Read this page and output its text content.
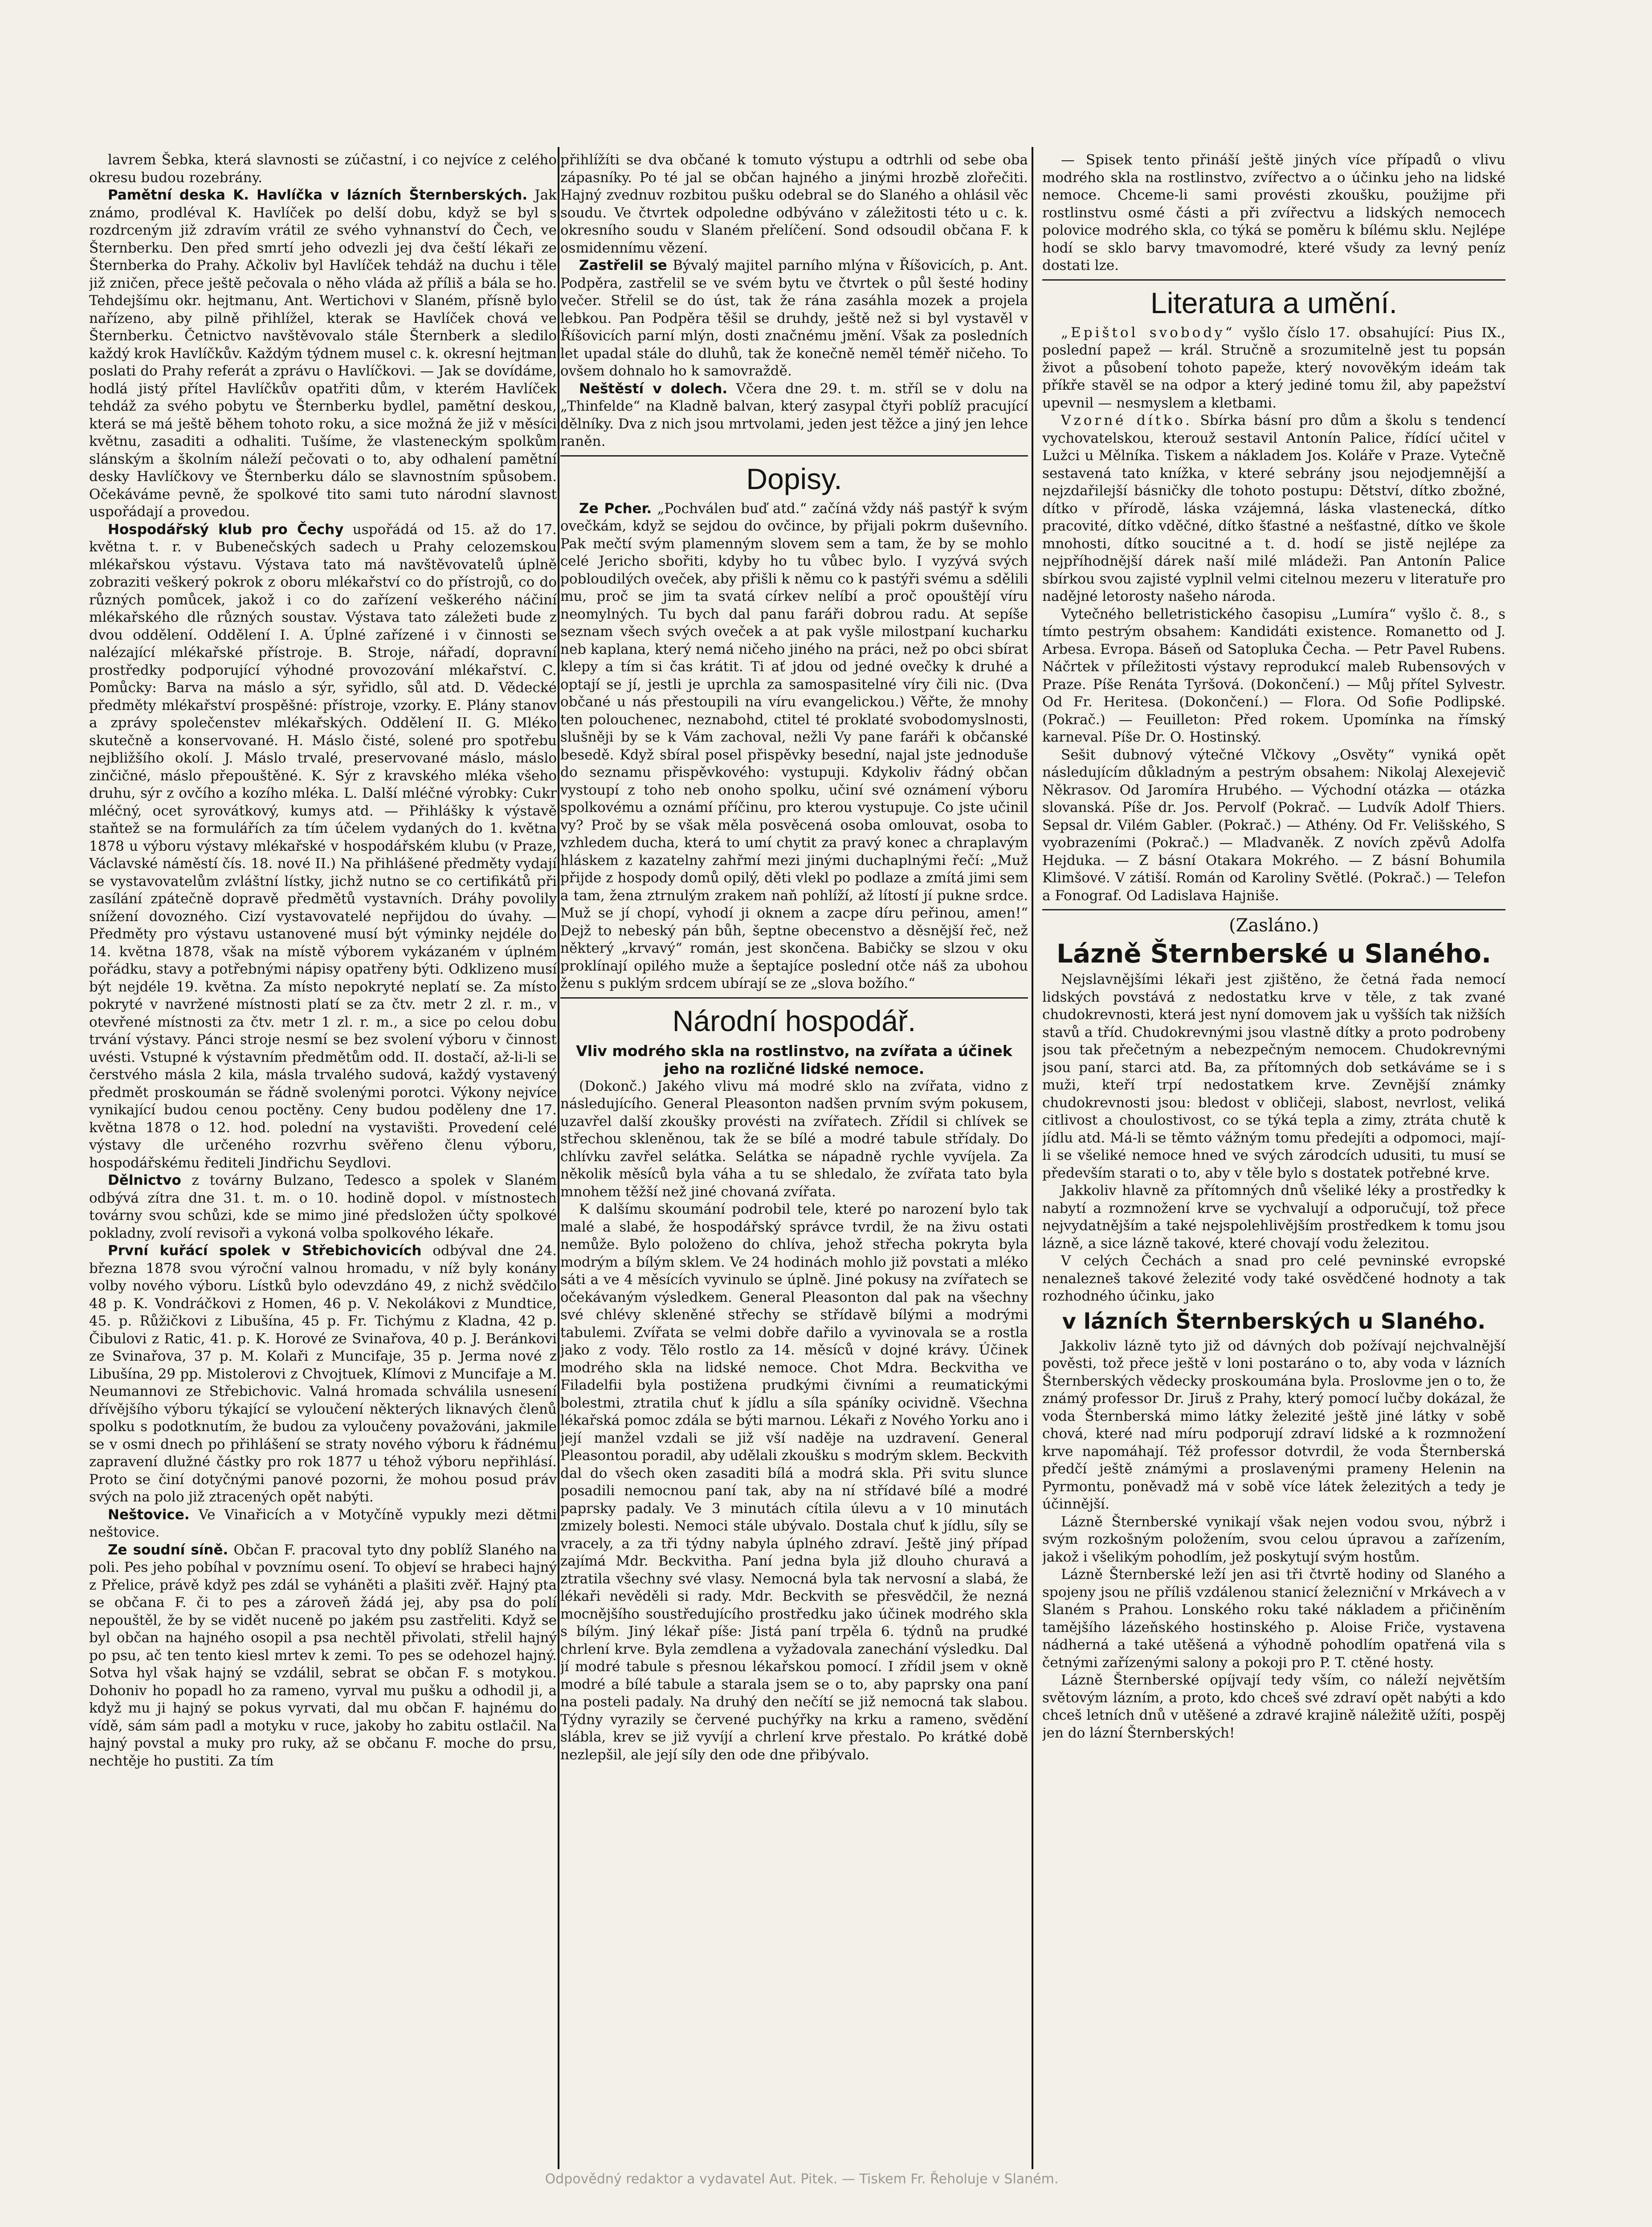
lavrem Šebka, která slavnosti se zúčastní, i co nejvíce z celého okresu budou rozebrány.

Pamětní deska K. Havlíčka v lázních Šternberských. Jak známo, prodléval K. Havlíček po delší dobu, když se byl s rozdrceným již zdravím vrátil ze svého vyhnanství do Čech, ve Šternberku. Den před smrtí jeho odvezli jej dva čeští lékaři ze Šternberka do Prahy. Ačkoliv byl Havlíček tehdáž na duchu i těle již zničen, přece ještě pečovala o něho vláda až příliš a bála se ho. Tehdejšímu okr. hejtmanu, Ant. Wertichovi v Slaném, přísně bylo nařízeno, aby pilně přihlížel, kterak se Havlíček chová ve Šternberku. Četnictvo navštěvovalo stále Šternberk a sledilo každý krok Havlíčkův. Každým týdnem musel c. k. okresní hejtman poslati do Prahy referát a zprávu o Havlíčkovi. — Jak se dovídáme, hodlá jistý přítel Havlíčkův opatřiti dům, v kterém Havlíček tehdáž za svého pobytu ve Šternberku bydlel, pamětní deskou, která se má ještě během tohoto roku, a sice možná že již v měsíci květnu, zasaditi a odhaliti. Tušíme, že vlasteneckým spolkům slánským a školním náleží pečovati o to, aby odhalení pamětní desky Havlíčkovy ve Šternberku dálo se slavnostním spůsobem. Očekáváme pevně, že spolkové tito sami tuto národní slavnost uspořádají a provedou.

Hospodářský klub pro Čechy uspořádá od 15. až do 17. května t. r. v Bubenečských sadech u Prahy celozemskou mlékařskou výstavu. Výstava tato má navštěvovatelů úplně zobraziti veškerý pokrok z oboru mlékařství co do přístrojů, co do různých pomůcek, jakož i co do zařízení veškerého náčiní mlékařského dle různých soustav. Výstava tato záležeti bude z dvou oddělení. Oddělení I. A. Úplné zařízené i v činnosti se nalézající mlékařské přístroje. B. Stroje, nářadí, dopravní prostředky podporující výhodné provozování mlékařství. C. Pomůcky: Barva na máslo a sýr, syřidlo, sůl atd. D. Vědecké předměty mlékařství prospěšné: přístroje, vzorky. E. Plány stanov a zprávy společenstev mlékařských. Oddělení II. G. Mléko skutečně a konservované. H. Máslo čisté, solené pro spotřebu nejbližšího okolí. J. Máslo trvalé, preservované máslo, máslo zinčičné, máslo přepouštěné. K. Sýr z kravského mléka všeho druhu, sýr z ovčího a kozího mléka. L. Další mléčné výrobky: Cukr mléčný, ocet syrovátkový, kumys atd. — Přihlášky k výstavě staňtež se na formulářích za tím účelem vydaných do 1. května 1878 u výboru výstavy mlékařské v hospodářském klubu (v Praze, Václavské náměstí čís. 18. nové II.) Na přihlášené předměty vydají se vystavovatelům zvláštní lístky, jichž nutno se co certifikátů při zasílání zpátečně dopravě předmětů vystavních. Dráhy povolily snížení dovozného. Cizí vystavovatelé nepřijdou do úvahy. — Předměty pro výstavu ustanovené musí být výminky nejdéle do 14. května 1878, však na místě výborem vykázaném v úplném pořádku, stavy a potřebnými nápisy opatřeny býti. Odklizeno musí být nejdéle 19. května. Za místo nepokryté neplatí se. Za místo pokryté v navržené místnosti platí se za čtv. metr 2 zl. r. m., v otevřené místnosti za čtv. metr 1 zl. r. m., a sice po celou dobu trvání výstavy. Pánci stroje nesmí se bez svolení výboru v činnost uvésti. Vstupné k výstavním předmětům odd. II. dostačí, až-li-li se čerstvého másla 2 kila, másla trvalého sudová, každý vystavený předmět proskoumán se řádně svolenými porotci. Výkony nejvíce vynikající budou cenou poctěny. Ceny budou poděleny dne 17. května 1878 o 12. hod. polední na vystavišti. Provedení celé výstavy dle určeného rozvrhu svěřeno členu výboru, hospodářskému řediteli Jindřichu Seydlovi.

Dělnictvo z továrny Bulzano, Tedesco a spolek v Slaném odbývá zítra dne 31. t. m. o 10. hodině dopol. v místnostech továrny svou schůzi, kde se mimo jiné předsložen účty spolkové pokladny, zvolí revisoři a vykoná volba spolkového lékaře.

První kuřácí spolek v Střebichovicích odbýval dne 24. března 1878 svou výroční valnou hromadu, v níž byly konány volby nového výboru. Lístků bylo odevzdáno 49, z nichž svědčilo 48 p. K. Vondráčkovi z Homen, 46 p. V. Nekolákovi z Mundtice, 45. p. Růžičkovi z Libušína, 45 p. Fr. Tichýmu z Kladna, 42 p. Čibulovi z Ratic, 41. p. K. Horové ze Svinařova, 40 p. J. Beránkovi ze Svinařova, 37 p. M. Kolaři z Muncifaje, 35 p. Jerma nové z Libušína, 29 pp. Mistolerovi z Chvojtuek, Klímovi z Muncifaje a M. Neumannovi ze Střebichovic. Valná hromada schválila usnesení dřívějšího výboru týkající se vyloučení některých liknavých členů spolku s podotknutím, že budou za vyloučeny považováni, jakmile se v osmi dnech po přihlášení se straty nového výboru k řádnému zapravení dlužné částky pro rok 1877 u téhož výboru nepřihlásí. Proto se činí dotyčnými panové pozorni, že mohou posud práv svých na polo již ztracených opět nabýti.

Neštovice. Ve Vinařicích a v Motyčíně vypukly mezi dětmi neštovice.

Ze soudní síně. Občan F. pracoval tyto dny poblíž Slaného na poli. Pes jeho pobíhal v povznímu osení. To objeví se hrabeci hajný z Přelice, právě když pes zdál se vyháněti a plašiti zvěř. Hajný pta se občana F. či to pes a zároveň žádá jej, aby psa do polí nepouštěl, že by se vidět nuceně po jakém psu zastřeliti. Když se byl občan na hajného osopil a psa nechtěl přivolati, střelil hajný po psu, ač ten tento kiesl mrtev k zemi. To pes se odehozel hajný. Sotva hyl však hajný se vzdálil, sebrat se občan F. s motykou. Dohoniv ho popadl ho za rameno, vyrval mu pušku a odhodil ji, a když mu ji hajný se pokus vyrvati, dal mu občan F. hajnému do vídě, sám sám padl a motyku v ruce, jakoby ho zabitu ostlačil. Na hajný povstal a muky pro ruky, až se občanu F. moche do prsu, nechtěje ho pustiti. Za tím

přihlížíti se dva občané k tomuto výstupu a odtrhli od sebe oba zápasníky. Po té jal se občan hajného a jinými hrozbě zlořečiti. Hajný zvednuv rozbitou pušku odebral se do Slaného a ohlásil věc soudu. Ve čtvrtek odpoledne odbýváno v záležitosti této u c. k. okresního soudu v Slaném přelíčení. Sond odsoudil občana F. k osmidennímu vězení.

Zastřelil se Bývalý majitel parního mlýna v Říšovicích, p. Ant. Podpěra, zastřelil se ve svém bytu ve čtvrtek o půl šesté hodiny večer. Střelil se do úst, tak že rána zasáhla mozek a projela lebkou. Pan Podpěra těšil se druhdy, ještě než si byl vystavěl v Říšovicích parní mlýn, dosti značnému jmění. Však za posledních let upadal stále do dluhů, tak že konečně neměl téměř ničeho. To ovšem dohnalo ho k samovraždě.

Neštěstí v dolech. Včera dne 29. t. m. stříl se v dolu na „Thinfelde“ na Kladně balvan, který zasypal čtyři poblíž pracující dělníky. Dva z nich jsou mrtvolami, jeden jest těžce a jiný jen lehce raněn.

Dopisy.

Ze Pcher. „Pochválen buď atd.“ začíná vždy náš pastýř k svým ovečkám, když se sejdou do ovčince, by přijali pokrm duševního. Pak mečtí svým plamenným slovem sem a tam, že by se mohlo celé Jericho sbořiti, kdyby ho tu vůbec bylo. I vyzývá svých pobloudilých oveček, aby přišli k němu co k pastýři svému a sdělili mu, proč se jim ta svatá církev nelíbí a proč opouštějí víru neomylných. Tu bych dal panu faráři dobrou radu. At sepíše seznam všech svých oveček a at pak vyšle milostpaní kucharku neb kaplana, který nemá ničeho jiného na práci, než po obci sbírat klepy a tím si čas krátit. Ti ať jdou od jedné ovečky k druhé a optají se jí, jestli je uprchla za samospasitelné víry čili nic. (Dva občané u nás přestoupili na víru evangelickou.) Věřte, že mnohy ten polouchenec, neznabohd, ctitel té proklaté svobodomyslnosti, slušněji by se k Vám zachoval, nežli Vy pane faráři k občanské besedě. Když sbíral posel přispěvky besední, najal jste jednoduše do seznamu přispěvkového: vystupuji. Kdykoliv řádný občan vystoupí z toho neb onoho spolku, učiní své oznámení výboru spolkovému a oznámí příčinu, pro kterou vystupuje. Co jste učinil vy? Proč by se však měla posvěcená osoba omlouvat, osoba to vzhledem ducha, která to umí chytit za pravý konec a chraplavým hláskem z kazatelny zahřmí mezi jinými duchaplnými řečí: „Muž přijde z hospody domů opilý, děti vlekl po podlaze a zmítá jimi sem a tam, žena ztrnulým zrakem naň pohlíží, až lítostí jí pukne srdce. Muž se jí chopí, vyhodí ji oknem a zacpe díru peřinou, amen!“ Dejž to nebeský pán bůh, šeptne obecenstvo a děsnější řeč, než některý „krvavý“ román, jest skončena. Babičky se slzou v oku proklínají opilého muže a šeptajíce poslední otče náš za ubohou ženu s puklým srdcem ubírají se ze „slova božího.“

Národní hospodář.
Vliv modrého skla na rostlinstvo, na zvířata a účinek jeho na rozličné lidské nemoce.

(Dokonč.) Jakého vlivu má modré sklo na zvířata, vidno z následujícího. General Pleasonton nadšen prvním svým pokusem, uzavřel další zkoušky provésti na zvířatech. Zřídil si chlívek se střechou skleněnou, tak že se bílé a modré tabule střídaly. Do chlívku zavřel selátka. Selátka se nápadně rychle vyvíjela. Za několik měsíců byla váha a tu se shledalo, že zvířata tato byla mnohem těžší než jiné chovaná zvířata.

K dalšímu skoumání podrobil tele, které po narození bylo tak malé a slabé, že hospodářský správce tvrdil, že na živu ostati nemůže. Bylo položeno do chlíva, jehož střecha pokryta byla modrým a bílým sklem. Ve 24 hodinách mohlo již povstati a mléko sáti a ve 4 měsících vyvinulo se úplně. Jiné pokusy na zvířatech se očekávaným výsledkem. General Pleasonton dal pak na všechny své chlévy skleněné střechy se střídavě bílými a modrými tabulemi. Zvířata se velmi dobře dařilo a vyvinovala se a rostla jako z vody. Tělo rostlo za 14. měsíců v dojné krávy. Účinek modrého skla na lidské nemoce. Chot Mdra. Beckvitha ve Filadelfii byla postižena prudkými čivními a reumatickými bolestmi, ztratila chuť k jídlu a síla spáníky ocividně. Všechna lékařská pomoc zdála se býti marnou. Lékaři z Nového Yorku ano i její manžel vzdali se již vší naděje na uzdravení. General Pleasontou poradil, aby udělali zkoušku s modrým sklem. Beckvith dal do všech oken zasaditi bílá a modrá skla. Při svitu slunce posadili nemocnou paní tak, aby na ní střídavé bílé a modré paprsky padaly. Ve 3 minutách cítila úlevu a v 10 minutách zmizely bolesti. Nemoci stále ubývalo. Dostala chuť k jídlu, síly se vracely, a za tři týdny nabyla úplného zdraví. Ještě jiný případ zajímá Mdr. Beckvitha. Paní jedna byla již dlouho churavá a ztratila všechny své vlasy. Nemocná byla tak nervosní a slabá, že lékaři nevěděli si rady. Mdr. Beckvith se přesvědčil, že nezná mocnějšího soustředujícího prostředku jako účinek modrého skla s bílým. Jiný lékař píše: Jistá paní trpěla 6. týdnů na prudké chrlení krve. Byla zemdlena a vyžadovala zanechání výsledku. Dal jí modré tabule s přesnou lékařskou pomocí. I zřídil jsem v okně modré a bílé tabule a starala jsem se o to, aby paprsky ona paní na posteli padaly. Na druhý den nečítí se již nemocná tak slabou. Týdny vyrazily se červené puchýřky na krku a rameno, svědění slábla, krev se již vyvíjí a chrlení krve přestalo. Po krátké době nezlepšil, ale její síly den ode dne přibývalo.

— Spisek tento přináší ještě jiných více případů o vlivu modrého skla na rostlinstvo, zvířectvo a o účinku jeho na lidské nemoce. Chceme-li sami provésti zkoušku, použijme při rostlinstvu osmé části a při zvířectvu a lidských nemocech polovice modrého skla, co týká se poměru k bílému sklu. Nejlépe hodí se sklo barvy tmavomodré, které všudy za levný peníz dostati lze.

Literatura a umění.

„Epištol svobody“ vyšlo číslo 17. obsahující: Pius IX., poslední papež — král. Stručně a srozumitelně jest tu popsán život a působení tohoto papeže, který novověkým ideám tak příkře stavěl se na odpor a který jediné tomu žil, aby papežství upevnil — nesmyslem a kletbami.

Vzorné dítko. Sbírka básní pro dům a školu s tendencí vychovatelskou, kterouž sestavil Antonín Palice, řídící učitel v Lužci u Mělníka. Tiskem a nákladem Jos. Koláře v Praze. Vytečně sestavená tato knížka, v které sebrány jsou nejodjemnější a nejzdařilejší básničky dle tohoto postupu: Dětství, dítko zbožné, dítko v přírodě, láska vzájemná, láska vlastenecká, dítko pracovité, dítko vděčné, dítko šťastné a nešťastné, dítko ve škole mnohosti, dítko soucitné a t. d. hodí se jistě nejlépe za nejpříhodnější dárek naší milé mládeži. Pan Antonín Palice sbírkou svou zajisté vyplnil velmi citelnou mezeru v literatuře pro nadějné letorosty našeho národa.

Vytečného belletristického časopisu „Lumíra“ vyšlo č. 8., s tímto pestrým obsahem: Kandidáti existence. Romanetto od J. Arbesa. Evropa. Báseň od Satopluka Čecha. — Petr Pavel Rubens. Náčrtek v příležitosti výstavy reprodukcí maleb Rubensových v Praze. Píše Renáta Tyršová. (Dokončení.) — Můj přítel Sylvestr. Od Fr. Heritesa. (Dokončení.) — Flora. Od Sofie Podlipské. (Pokrač.) — Feuilleton: Před rokem. Upomínka na římský karneval. Píše Dr. O. Hostinský.

Sešit dubnový výtečné Vlčkovy „Osvěty“ vyniká opět následujícím důkladným a pestrým obsahem: Nikolaj Alexejevič Někrasov. Od Jaromíra Hrubého. — Východní otázka — otázka slovanská. Píše dr. Jos. Pervolf (Pokrač. — Ludvík Adolf Thiers. Sepsal dr. Vilém Gabler. (Pokrač.) — Athény. Od Fr. Velišského, S vyobrazeními (Pokrač.) — Mladvaněk. Z novích zpěvů Adolfa Hejduka. — Z básní Otakara Mokrého. — Z básní Bohumila Klimšové. V zátiší. Román od Karoliny Světlé. (Pokrač.) — Telefon a Fonograf. Od Ladislava Hajniše.

(Zasláno.)
Lázně Šternberské u Slaného.

Nejslavnějšími lékaři jest zjištěno, že četná řada nemocí lidských povstává z nedostatku krve v těle, z tak zvané chudokrevnosti, která jest nyní domovem jak u vyšších tak nižších stavů a tříd. Chudokrevnými jsou vlastně dítky a proto podrobeny jsou tak přečetným a nebezpečným nemocem. Chudokrevnými jsou paní, starci atd. Ba, za přítomných dob setkáváme se i s muži, kteří trpí nedostatkem krve. Zevnější známky chudokrevnosti jsou: bledost v obličeji, slabost, nevrlost, veliká citlivost a choulostivost, co se týká tepla a zimy, ztráta chutě k jídlu atd. Má-li se těmto vážným tomu předejíti a odpomoci, mají-li se všeliké nemoce hned ve svých zárodcích udusiti, tu musí se především starati o to, aby v těle bylo s dostatek potřebné krve.

Jakkoliv hlavně za přítomných dnů všeliké léky a prostředky k nabytí a rozmnožení krve se vychvalují a odporučují, tož přece nejvydatnějším a také nejspolehlivějším prostředkem k tomu jsou lázně, a sice lázně takové, které chovají vodu železitou.

V celých Čechách a snad pro celé pevninské evropské nenalezneš takové železité vody také osvědčené hodnoty a tak rozhodného účinku, jako

v lázních Šternberských u Slaného.

Jakkoliv lázně tyto již od dávných dob požívají nejchvalnější pověsti, tož přece ještě v loni postaráno o to, aby voda v lázních Šternberských vědecky proskoumána byla. Proslovme jen o to, že známý professor Dr. Jiruš z Prahy, který pomocí lučby dokázal, že voda Šternberská mimo látky železité ještě jiné látky v sobě chová, které nad míru podporují zdraví lidské a k rozmnožení krve napomáhají. Též professor dotvrdil, že voda Šternberská předčí ještě známými a proslavenými prameny Helenin na Pyrmontu, poněvadž má v sobě více látek železitých a tedy je účinnější.

Lázně Šternberské vynikají však nejen vodou svou, nýbrž i svým rozkošným položením, svou celou úpravou a zařízením, jakož i všelikým pohodlím, jež poskytují svým hostům.

Lázně Šternberské leží jen asi tři čtvrtě hodiny od Slaného a spojeny jsou ne příliš vzdálenou stanicí železniční v Mrkávech a v Slaném s Prahou. Lonského roku také nákladem a přičiněním tamějšího lázeňského hostinského p. Aloise Friče, vystavena nádherná a také utěšená a výhodně pohodlím opatřená vila s četnými zařízenými salony a pokoji pro P. T. ctěné hosty.

Lázně Šternberské opíjvají tedy vším, co náleží největším světovým lázním, a proto, kdo chceš své zdraví opět nabýti a kdo chceš letních dnů v utěšené a zdravé krajině náležitě užíti, pospěj jen do lázní Šternberských!

Odpovědný redaktor a vydavatel Aut. Pitek. — Tiskem Fr. Řeholuje v Slaném.
